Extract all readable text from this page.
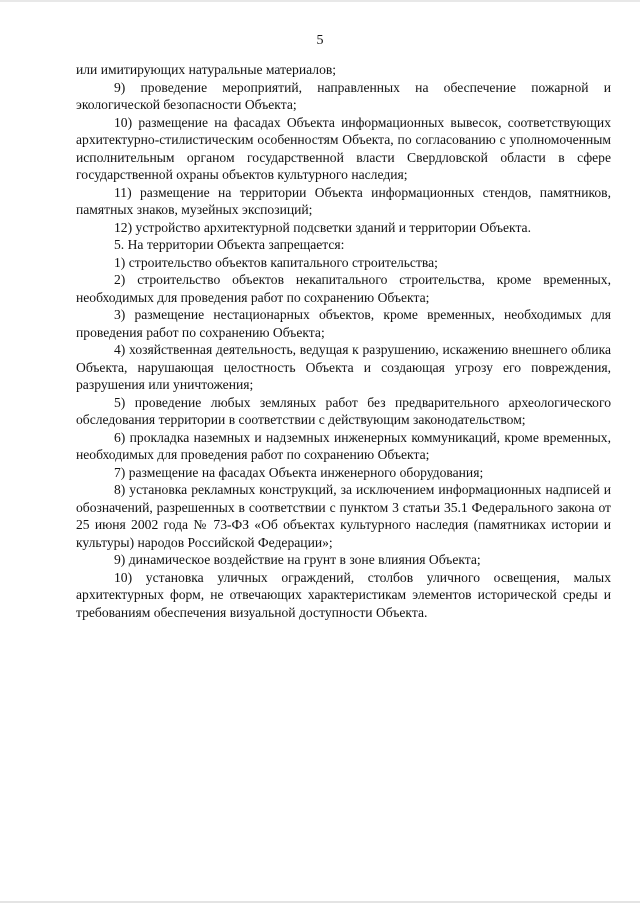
5

или имитирующих натуральные материалов;

9) проведение мероприятий, направленных на обеспечение пожарной и экологической безопасности Объекта;

10) размещение на фасадах Объекта информационных вывесок, соответствующих архитектурно-стилистическим особенностям Объекта, по согласованию с уполномоченным исполнительным органом государственной власти Свердловской области в сфере государственной охраны объектов культурного наследия;

11) размещение на территории Объекта информационных стендов, памятников, памятных знаков, музейных экспозиций;

12) устройство архитектурной подсветки зданий и территории Объекта.

5. На территории Объекта запрещается:

1) строительство объектов капитального строительства;

2) строительство объектов некапитального строительства, кроме временных, необходимых для проведения работ по сохранению Объекта;

3) размещение нестационарных объектов, кроме временных, необходимых для проведения работ по сохранению Объекта;

4) хозяйственная деятельность, ведущая к разрушению, искажению внешнего облика Объекта, нарушающая целостность Объекта и создающая угрозу его повреждения, разрушения или уничтожения;

5) проведение любых земляных работ без предварительного археологического обследования территории в соответствии с действующим законодательством;

6) прокладка наземных и надземных инженерных коммуникаций, кроме временных, необходимых для проведения работ по сохранению Объекта;

7) размещение на фасадах Объекта инженерного оборудования;

8) установка рекламных конструкций, за исключением информационных надписей и обозначений, разрешенных в соответствии с пунктом 3 статьи 35.1 Федерального закона от 25 июня 2002 года № 73-ФЗ «Об объектах культурного наследия (памятниках истории и культуры) народов Российской Федерации»;

9) динамическое воздействие на грунт в зоне влияния Объекта;

10) установка уличных ограждений, столбов уличного освещения, малых архитектурных форм, не отвечающих характеристикам элементов исторической среды и требованиям обеспечения визуальной доступности Объекта.
